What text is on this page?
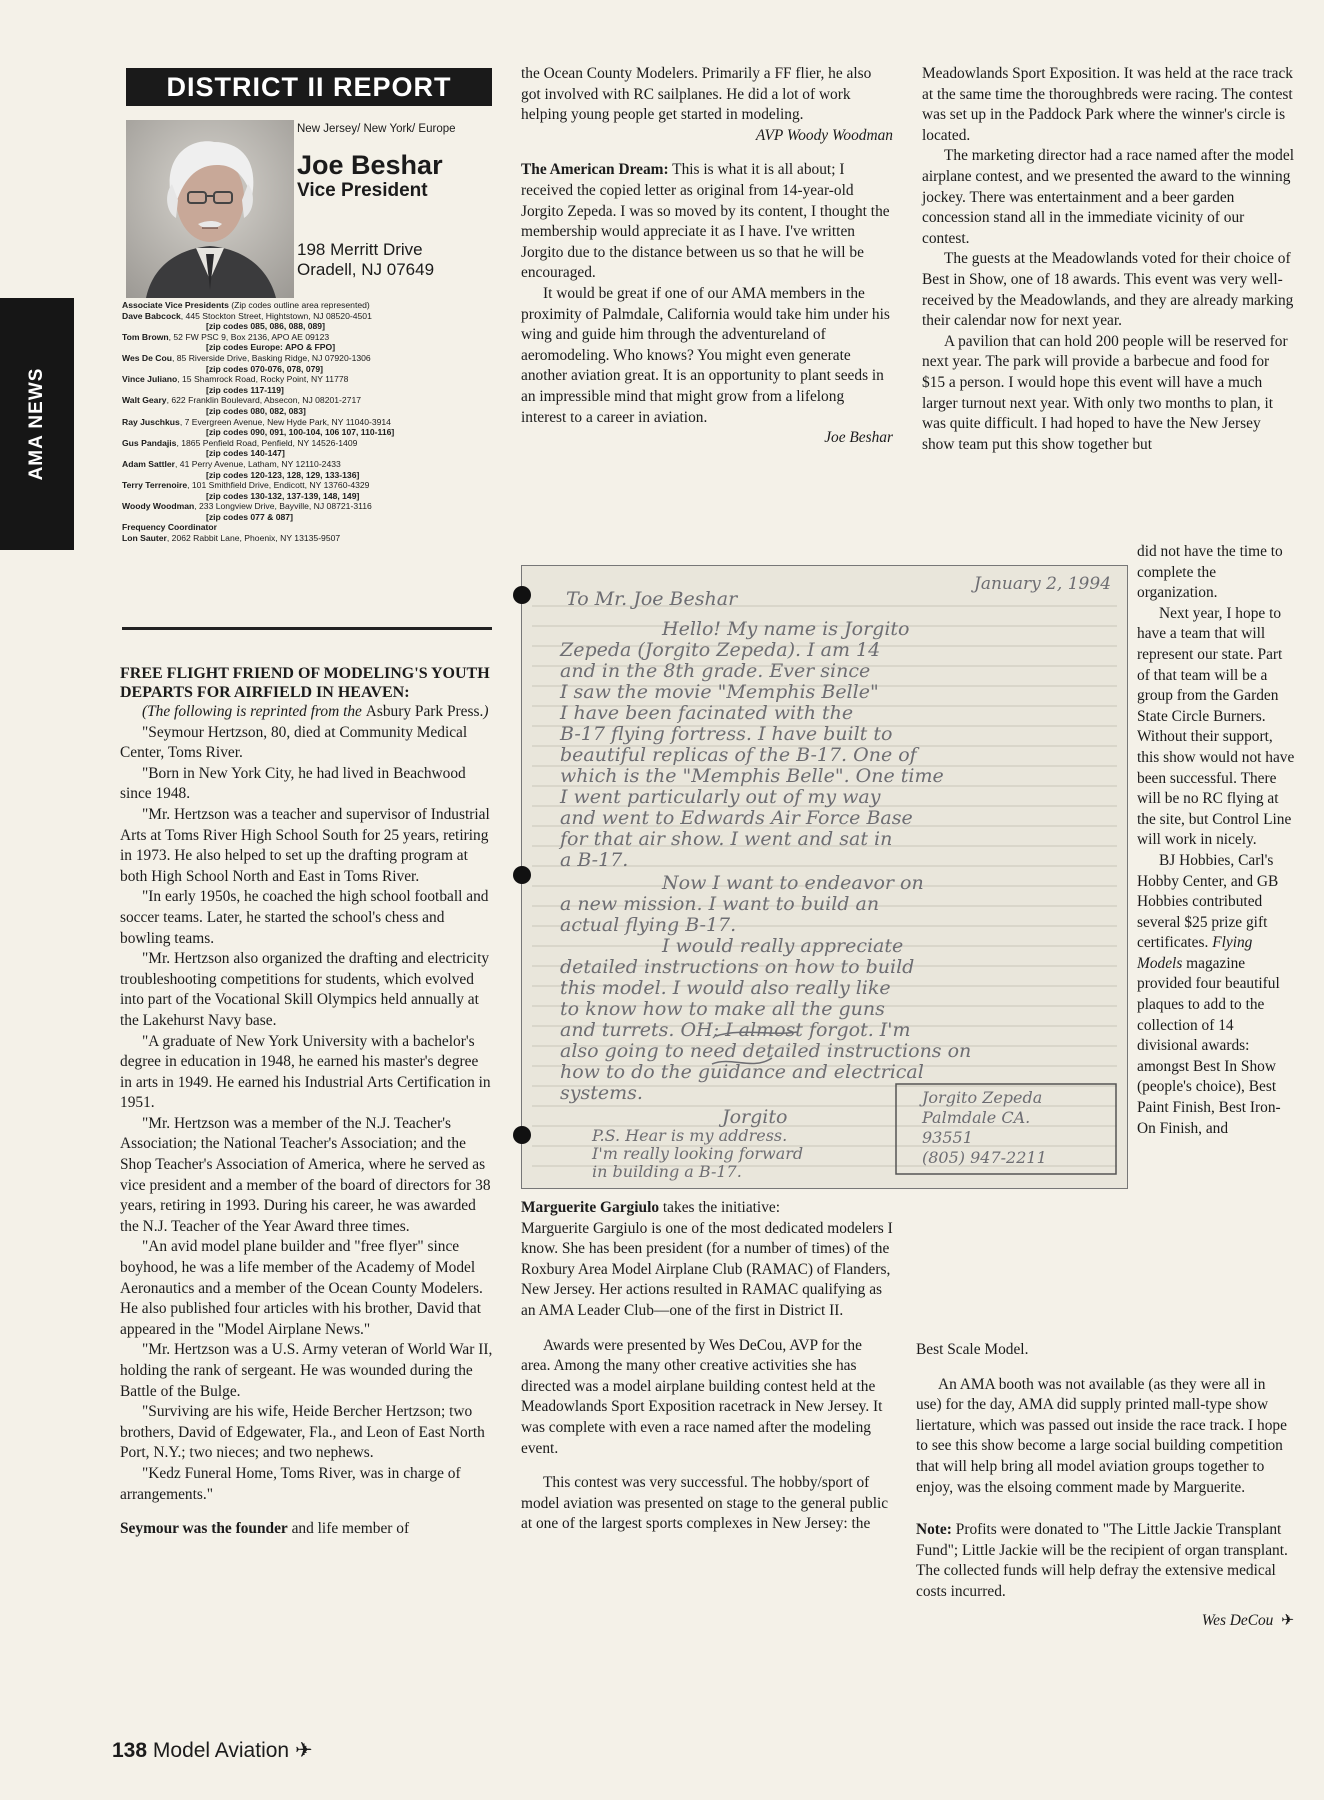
DISTRICT II REPORT
AMA NEWS
New Jersey/ New York/ Europe
Joe Beshar
Vice President
198 Merritt Drive
Oradell, NJ 07649
Associate Vice Presidents (Zip codes outline area represented)
Dave Babcock, 445 Stockton Street, Hightstown, NJ 08520-4501
[zip codes 085, 086, 088, 089]
Tom Brown, 52 FW PSC 9, Box 2136, APO AE 09123
[zip codes Europe: APO & FPO]
Wes De Cou, 85 Riverside Drive, Basking Ridge, NJ 07920-1306
[zip codes 070-076, 078, 079]
Vince Juliano, 15 Shamrock Road, Rocky Point, NY 11778
[zip codes 117-119]
Walt Geary, 622 Franklin Boulevard, Absecon, NJ 08201-2717
[zip codes 080, 082, 083]
Ray Juschkus, 7 Evergreen Avenue, New Hyde Park, NY 11040-3914
[zip codes 090, 091, 100-104, 106 107, 110-116]
Gus Pandajis, 1865 Penfield Road, Penfield, NY 14526-1409
[zip codes 140-147]
Adam Sattler, 41 Perry Avenue, Latham, NY 12110-2433
[zip codes 120-123, 128, 129, 133-136]
Terry Terrenoire, 101 Smithfield Drive, Endicott, NY 13760-4329
[zip codes 130-132, 137-139, 148, 149]
Woody Woodman, 233 Longview Drive, Bayville, NJ 08721-3116
[zip codes 077 & 087]
Frequency Coordinator
Lon Sauter, 2062 Rabbit Lane, Phoenix, NY 13135-9507

FREE FLIGHT FRIEND OF MODELING'S YOUTH DEPARTS FOR AIRFIELD IN HEAVEN:

(The following is reprinted from the Asbury Park Press.)

"Seymour Hertzson, 80, died at Community Medical Center, Toms River.

"Born in New York City, he had lived in Beachwood since 1948.

"Mr. Hertzson was a teacher and supervisor of Industrial Arts at Toms River High School South for 25 years, retiring in 1973. He also helped to set up the drafting program at both High School North and East in Toms River.

"In early 1950s, he coached the high school football and soccer teams. Later, he started the school's chess and bowling teams.

"Mr. Hertzson also organized the drafting and electricity troubleshooting competitions for students, which evolved into part of the Vocational Skill Olympics held annually at the Lakehurst Navy base.

"A graduate of New York University with a bachelor's degree in education in 1948, he earned his master's degree in arts in 1949. He earned his Industrial Arts Certification in 1951.

"Mr. Hertzson was a member of the N.J. Teacher's Association; the National Teacher's Association; and the Shop Teacher's Association of America, where he served as vice president and a member of the board of directors for 38 years, retiring in 1993. During his career, he was awarded the N.J. Teacher of the Year Award three times.

"An avid model plane builder and "free flyer" since boyhood, he was a life member of the Academy of Model Aeronautics and a member of the Ocean County Modelers. He also published four articles with his brother, David that appeared in the "Model Airplane News."

"Mr. Hertzson was a U.S. Army veteran of World War II, holding the rank of sergeant. He was wounded during the Battle of the Bulge.

"Surviving are his wife, Heide Bercher Hertzson; two brothers, David of Edgewater, Fla., and Leon of East North Port, N.Y.; two nieces; and two nephews.

"Kedz Funeral Home, Toms River, was in charge of arrangements."

Seymour was the founder and life member of

the Ocean County Modelers. Primarily a FF flier, he also got involved with RC sailplanes. He did a lot of work helping young people get started in modeling.

AVP Woody Woodman

The American Dream: This is what it is all about; I received the copied letter as original from 14-year-old Jorgito Zepeda. I was so moved by its content, I thought the membership would appreciate it as I have. I've written Jorgito due to the distance between us so that he will be encouraged.

It would be great if one of our AMA members in the proximity of Palmdale, California would take him under his wing and guide him through the adventureland of aeromodeling. Who knows? You might even generate another aviation great. It is an opportunity to plant seeds in an impressible mind that might grow from a lifelong interest to a career in aviation.

Joe Beshar

Meadowlands Sport Exposition. It was held at the race track at the same time the thoroughbreds were racing. The contest was set up in the Paddock Park where the winner's circle is located.

The marketing director had a race named after the model airplane contest, and we presented the award to the winning jockey. There was entertainment and a beer garden concession stand all in the immediate vicinity of our contest.

The guests at the Meadowlands voted for their choice of Best in Show, one of 18 awards. This event was very well-received by the Meadowlands, and they are already marking their calendar now for next year.

A pavilion that can hold 200 people will be reserved for next year. The park will provide a barbecue and food for $15 a person. I would hope this event will have a much larger turnout next year. With only two months to plan, it was quite difficult. I had hoped to have the New Jersey show team put this show together but

did not have the time to complete the organization.

Next year, I hope to have a team that will represent our state. Part of that team will be a group from the Garden State Circle Burners. Without their support, this show would not have been successful. There will be no RC flying at the site, but Control Line will work in nicely.

BJ Hobbies, Carl's Hobby Center, and GB Hobbies contributed several $25 prize gift certificates. Flying Models magazine provided four beautiful plaques to add to the collection of 14 divisional awards: amongst Best In Show (people's choice), Best Paint Finish, Best Iron-On Finish, and

January 2, 1994
To Mr. Joe Beshar
Hello! My name is Jorgito
Zepeda (Jorgito Zepeda). I am 14
and in the 8th grade. Ever since
I saw the movie "Memphis Belle"
I have been facinated with the
B-17 flying fortress. I have built to
beautiful replicas of the B-17. One of
which is the "Memphis Belle". One time
I went particularly out of my way
and went to Edwards Air Force Base
for that air show. I went and sat in
a B-17.
Now I want to endeavor on
a new mission. I want to build an
actual flying B-17.
I would really appreciate
detailed instructions on how to build
this model. I would also really like
to know how to make all the guns
and turrets. OH; I almost forgot. I'm
also going to need detailed instructions on
how to do the guidance and electrical
systems.
Jorgito
P.S. Hear is my address.
I'm really looking forward
in building a B-17.
Jorgito Zepeda
Palmdale CA.
93551
(805) 947-2211

Marguerite Gargiulo takes the initiative:

Marguerite Gargiulo is one of the most dedicated modelers I know. She has been president (for a number of times) of the Roxbury Area Model Airplane Club (RAMAC) of Flanders, New Jersey. Her actions resulted in RAMAC qualifying as an AMA Leader Club—one of the first in District II.

Awards were presented by Wes DeCou, AVP for the area. Among the many other creative activities she has directed was a model airplane building contest held at the Meadowlands Sport Exposition racetrack in New Jersey. It was complete with even a race named after the modeling event.

This contest was very successful. The hobby/sport of model aviation was presented on stage to the general public at one of the largest sports complexes in New Jersey: the

Best Scale Model.

An AMA booth was not available (as they were all in use) for the day, AMA did supply printed mall-type show liertature, which was passed out inside the race track. I hope to see this show become a large social building competition that will help bring all model aviation groups together to enjoy, was the elsoing comment made by Marguerite.

Note: Profits were donated to "The Little Jackie Transplant Fund"; Little Jackie will be the recipient of organ transplant. The collected funds will help defray the extensive medical costs incurred.

Wes DeCou  ✈

138 Model Aviation ✈
